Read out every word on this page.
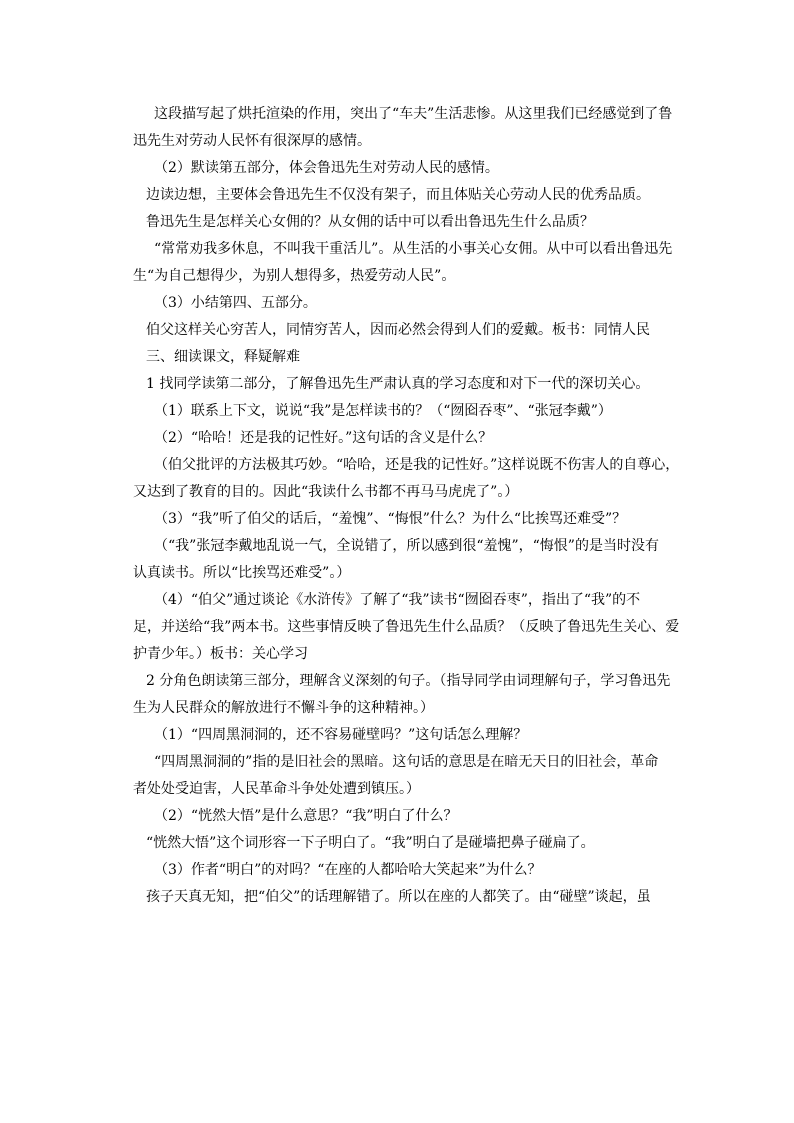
这段描写起了烘托渲染的作用，突出了“车夫”生活悲惨。从这里我们已经感觉到了鲁

迅先生对劳动人民怀有很深厚的感情。

（2）默读第五部分，体会鲁迅先生对劳动人民的感情。

边读边想，主要体会鲁迅先生不仅没有架子，而且体贴关心劳动人民的优秀品质。

鲁迅先生是怎样关心女佣的？从女佣的话中可以看出鲁迅先生什么品质？

“常常劝我多休息，不叫我干重活儿”。从生活的小事关心女佣。从中可以看出鲁迅先

生“为自己想得少，为别人想得多，热爱劳动人民”。

（3）小结第四、五部分。

伯父这样关心穷苦人，同情穷苦人，因而必然会得到人们的爱戴。板书：同情人民

三、细读课文，释疑解难

1 找同学读第二部分，了解鲁迅先生严肃认真的学习态度和对下一代的深切关心。

（1）联系上下文，说说“我”是怎样读书的？（“囫囵吞枣”、“张冠李戴”）

（2）“哈哈！还是我的记性好。”这句话的含义是什么？

（伯父批评的方法极其巧妙。“哈哈，还是我的记性好。”这样说既不伤害人的自尊心，

又达到了教育的目的。因此“我读什么书都不再马马虎虎了”。）

（3）“我”听了伯父的话后，“羞愧”、“悔恨”什么？为什么“比挨骂还难受”？

（“我”张冠李戴地乱说一气，全说错了，所以感到很“羞愧”，“悔恨”的是当时没有

认真读书。所以“比挨骂还难受”。）

（4）“伯父”通过谈论《水浒传》了解了“我”读书“囫囵吞枣”，指出了“我”的不

足，并送给“我”两本书。这些事情反映了鲁迅先生什么品质？（反映了鲁迅先生关心、爱

护青少年。）板书：关心学习

2 分角色朗读第三部分，理解含义深刻的句子。（指导同学由词理解句子，学习鲁迅先

生为人民群众的解放进行不懈斗争的这种精神。）

（1）“四周黑洞洞的，还不容易碰壁吗？”这句话怎么理解？

“四周黑洞洞的”指的是旧社会的黑暗。这句话的意思是在暗无天日的旧社会，革命

者处处受迫害，人民革命斗争处处遭到镇压。）

（2）“恍然大悟”是什么意思？“我”明白了什么？

“恍然大悟”这个词形容一下子明白了。“我”明白了是碰墙把鼻子碰扁了。

（3）作者“明白”的对吗？“在座的人都哈哈大笑起来”为什么？

孩子天真无知，把“伯父”的话理解错了。所以在座的人都笑了。由“碰壁”谈起，虽
